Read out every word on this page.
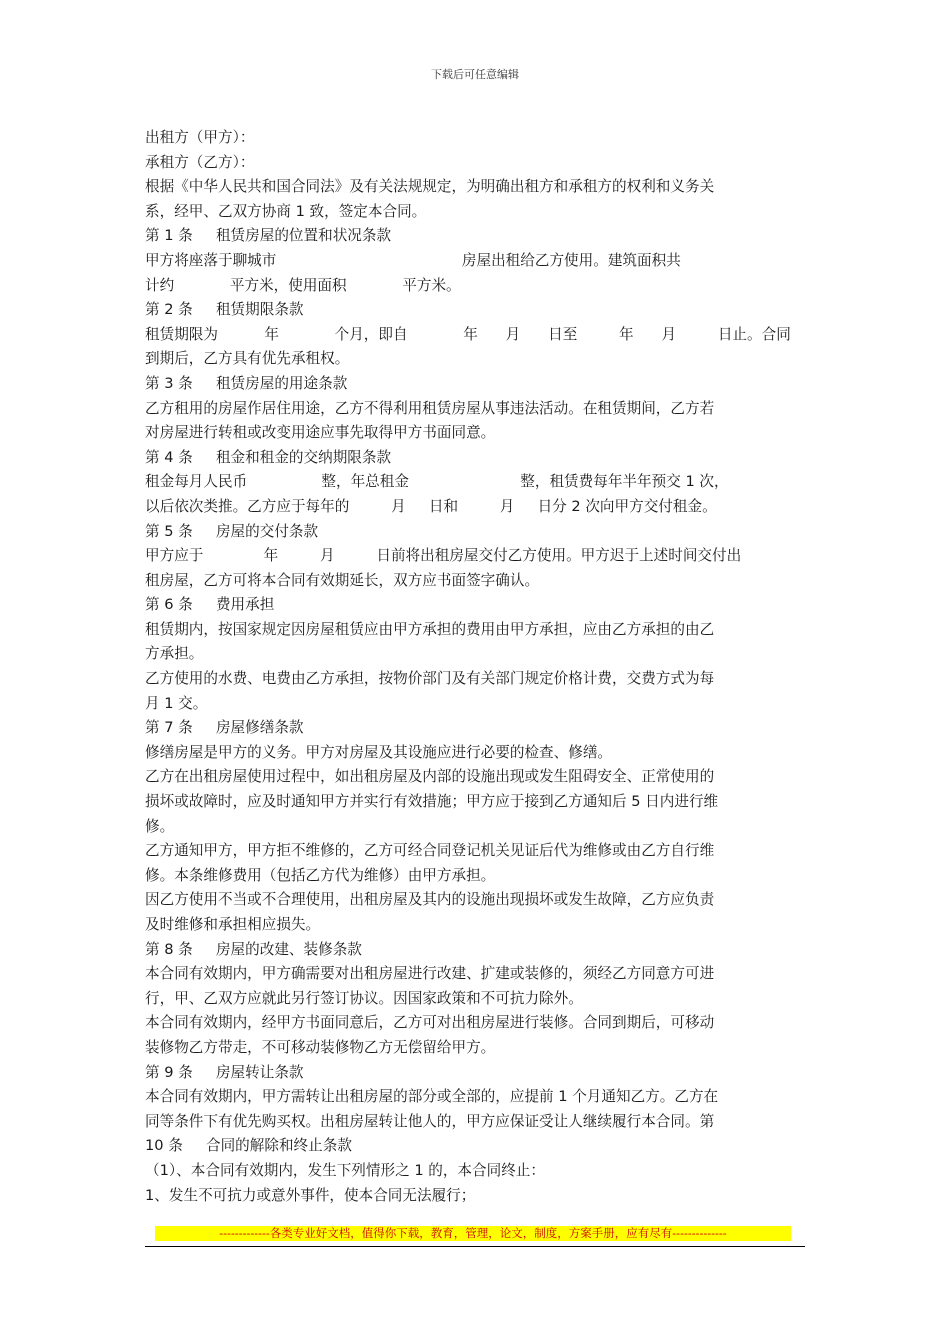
下载后可任意编辑

出租方（甲方）：

承租方（乙方）：

根据《中华人民共和国合同法》及有关法规规定，为明确出租方和承租方的权利和义务关

系，经甲、乙双方协商 1 致，签定本合同。

第 1 条     租赁房屋的位置和状况条款

甲方将座落于聊城市                                        房屋出租给乙方使用。建筑面积共

计约            平方米，使用面积            平方米。

第 2 条     租赁期限条款

租赁期限为          年            个月，即自            年      月      日至         年      月         日止。合同

到期后，乙方具有优先承租权。

第 3 条     租赁房屋的用途条款

乙方租用的房屋作居住用途，乙方不得利用租赁房屋从事违法活动。在租赁期间，乙方若

对房屋进行转租或改变用途应事先取得甲方书面同意。

第 4 条     租金和租金的交纳期限条款

租金每月人民币                整，年总租金                        整，租赁费每年半年预交 1 次，

以后依次类推。乙方应于每年的         月     日和         月     日分 2 次向甲方交付租金。

第 5 条     房屋的交付条款

甲方应于             年         月         日前将出租房屋交付乙方使用。甲方迟于上述时间交付出

租房屋，乙方可将本合同有效期延长，双方应书面签字确认。

第 6 条     费用承担

租赁期内，按国家规定因房屋租赁应由甲方承担的费用由甲方承担，应由乙方承担的由乙

方承担。

乙方使用的水费、电费由乙方承担，按物价部门及有关部门规定价格计费，交费方式为每

月 1 交。

第 7 条     房屋修缮条款

修缮房屋是甲方的义务。甲方对房屋及其设施应进行必要的检查、修缮。

乙方在出租房屋使用过程中，如出租房屋及内部的设施出现或发生阻碍安全、正常使用的

损坏或故障时，应及时通知甲方并实行有效措施；甲方应于接到乙方通知后 5 日内进行维

修。

乙方通知甲方，甲方拒不维修的，乙方可经合同登记机关见证后代为维修或由乙方自行维

修。本条维修费用（包括乙方代为维修）由甲方承担。

因乙方使用不当或不合理使用，出租房屋及其内的设施出现损坏或发生故障，乙方应负责

及时维修和承担相应损失。

第 8 条     房屋的改建、装修条款

本合同有效期内，甲方确需要对出租房屋进行改建、扩建或装修的，须经乙方同意方可进

行，甲、乙双方应就此另行签订协议。因国家政策和不可抗力除外。

本合同有效期内，经甲方书面同意后，乙方可对出租房屋进行装修。合同到期后，可移动

装修物乙方带走，不可移动装修物乙方无偿留给甲方。

第 9 条     房屋转让条款

本合同有效期内，甲方需转让出租房屋的部分或全部的，应提前 1 个月通知乙方。乙方在

同等条件下有优先购买权。出租房屋转让他人的，甲方应保证受让人继续履行本合同。第

10 条     合同的解除和终止条款

（1）、本合同有效期内，发生下列情形之 1 的，本合同终止：

1、发生不可抗力或意外事件，使本合同无法履行；

-------------各类专业好文档，值得你下载，教育，管理，论文，制度，方案手册，应有尽有--------------
